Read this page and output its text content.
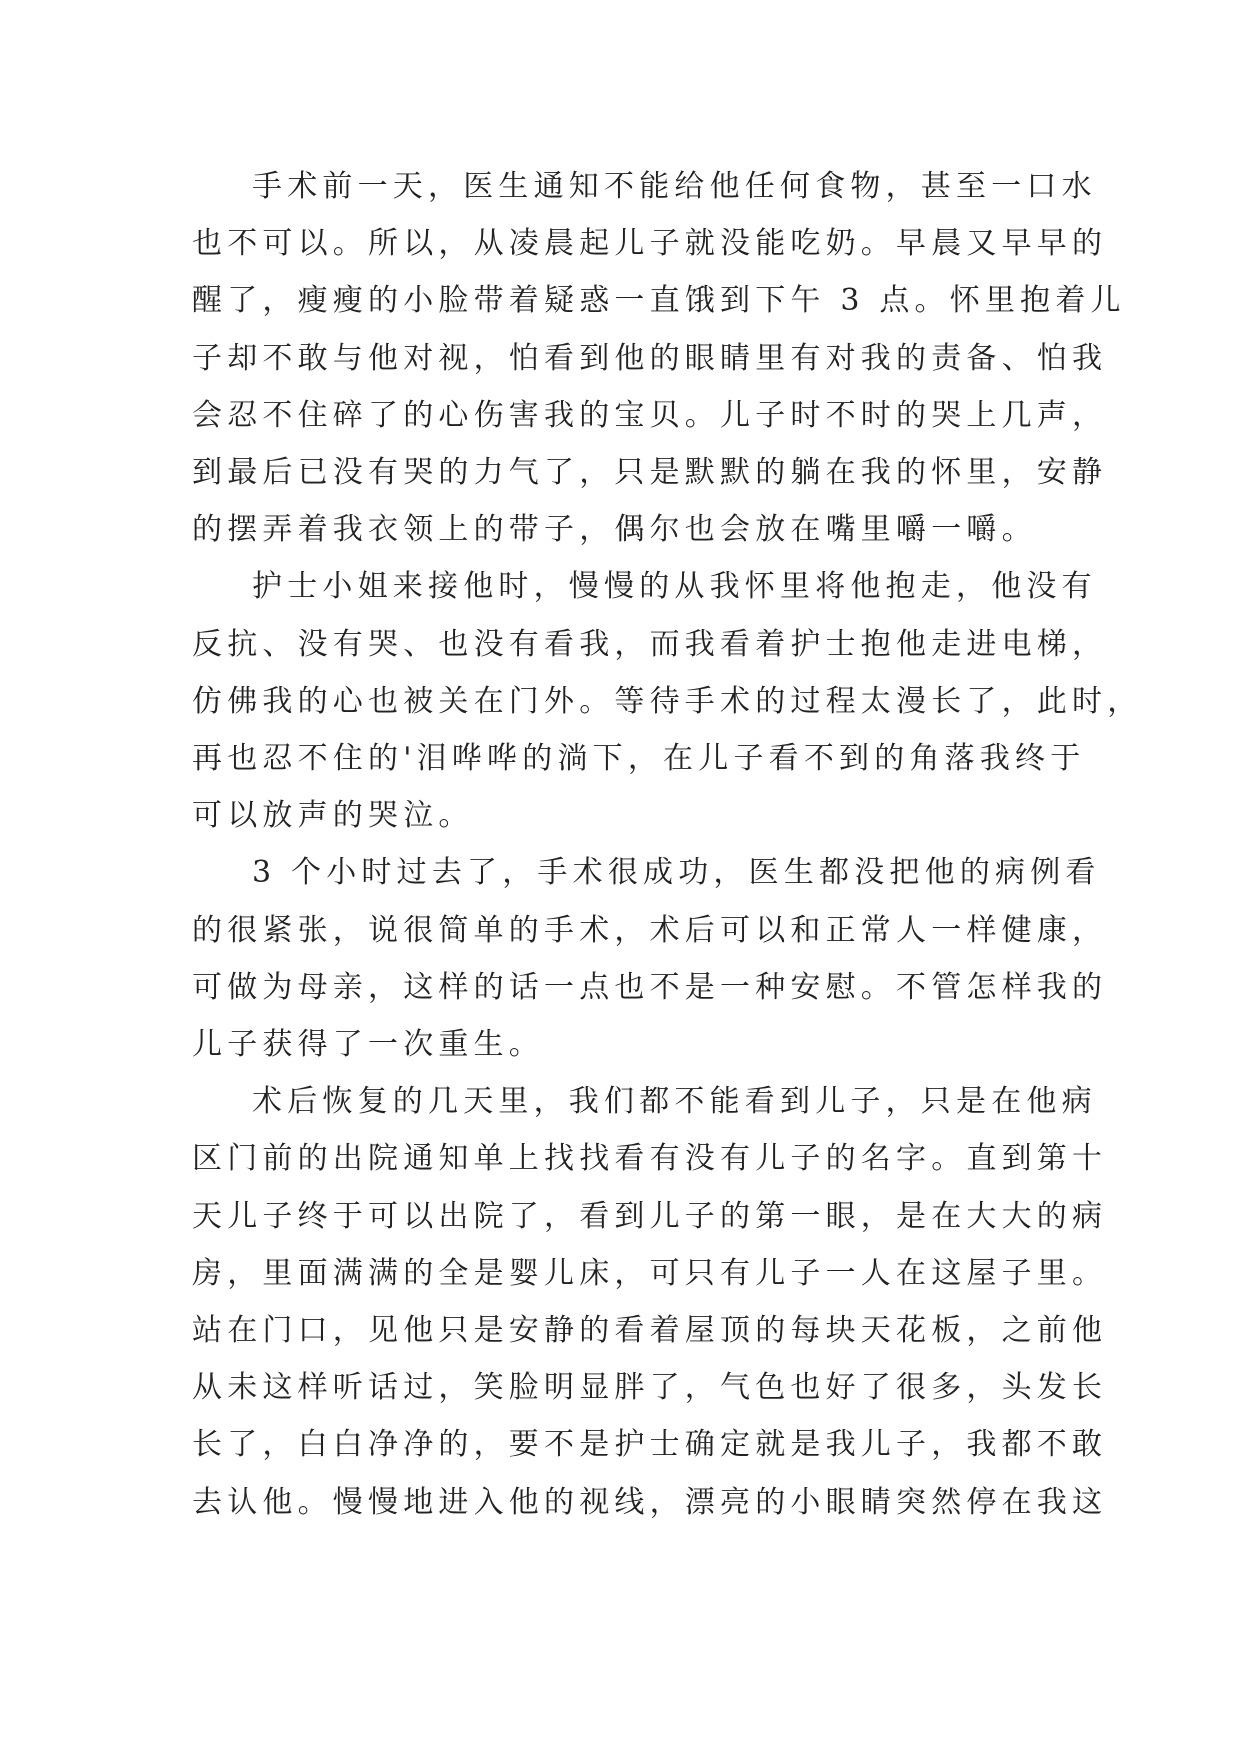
手术前一天，医生通知不能给他任何食物，甚至一口水
也不可以。所以，从凌晨起儿子就没能吃奶。早晨又早早的
醒了，瘦瘦的小脸带着疑惑一直饿到下午 3 点。怀里抱着儿
子却不敢与他对视，怕看到他的眼睛里有对我的责备、怕我
会忍不住碎了的心伤害我的宝贝。儿子时不时的哭上几声，
到最后已没有哭的力气了，只是默默的躺在我的怀里，安静
的摆弄着我衣领上的带子，偶尔也会放在嘴里嚼一嚼。

护士小姐来接他时，慢慢的从我怀里将他抱走，他没有
反抗、没有哭、也没有看我，而我看着护士抱他走进电梯，
仿佛我的心也被关在门外。等待手术的过程太漫长了，此时，
再也忍不住的'泪哗哗的淌下，在儿子看不到的角落我终于
可以放声的哭泣。

3 个小时过去了，手术很成功，医生都没把他的病例看
的很紧张，说很简单的手术，术后可以和正常人一样健康，
可做为母亲，这样的话一点也不是一种安慰。不管怎样我的
儿子获得了一次重生。

术后恢复的几天里，我们都不能看到儿子，只是在他病
区门前的出院通知单上找找看有没有儿子的名字。直到第十
天儿子终于可以出院了，看到儿子的第一眼，是在大大的病
房，里面满满的全是婴儿床，可只有儿子一人在这屋子里。
站在门口，见他只是安静的看着屋顶的每块天花板，之前他
从未这样听话过，笑脸明显胖了，气色也好了很多，头发长
长了，白白净净的，要不是护士确定就是我儿子，我都不敢
去认他。慢慢地进入他的视线，漂亮的小眼睛突然停在我这
